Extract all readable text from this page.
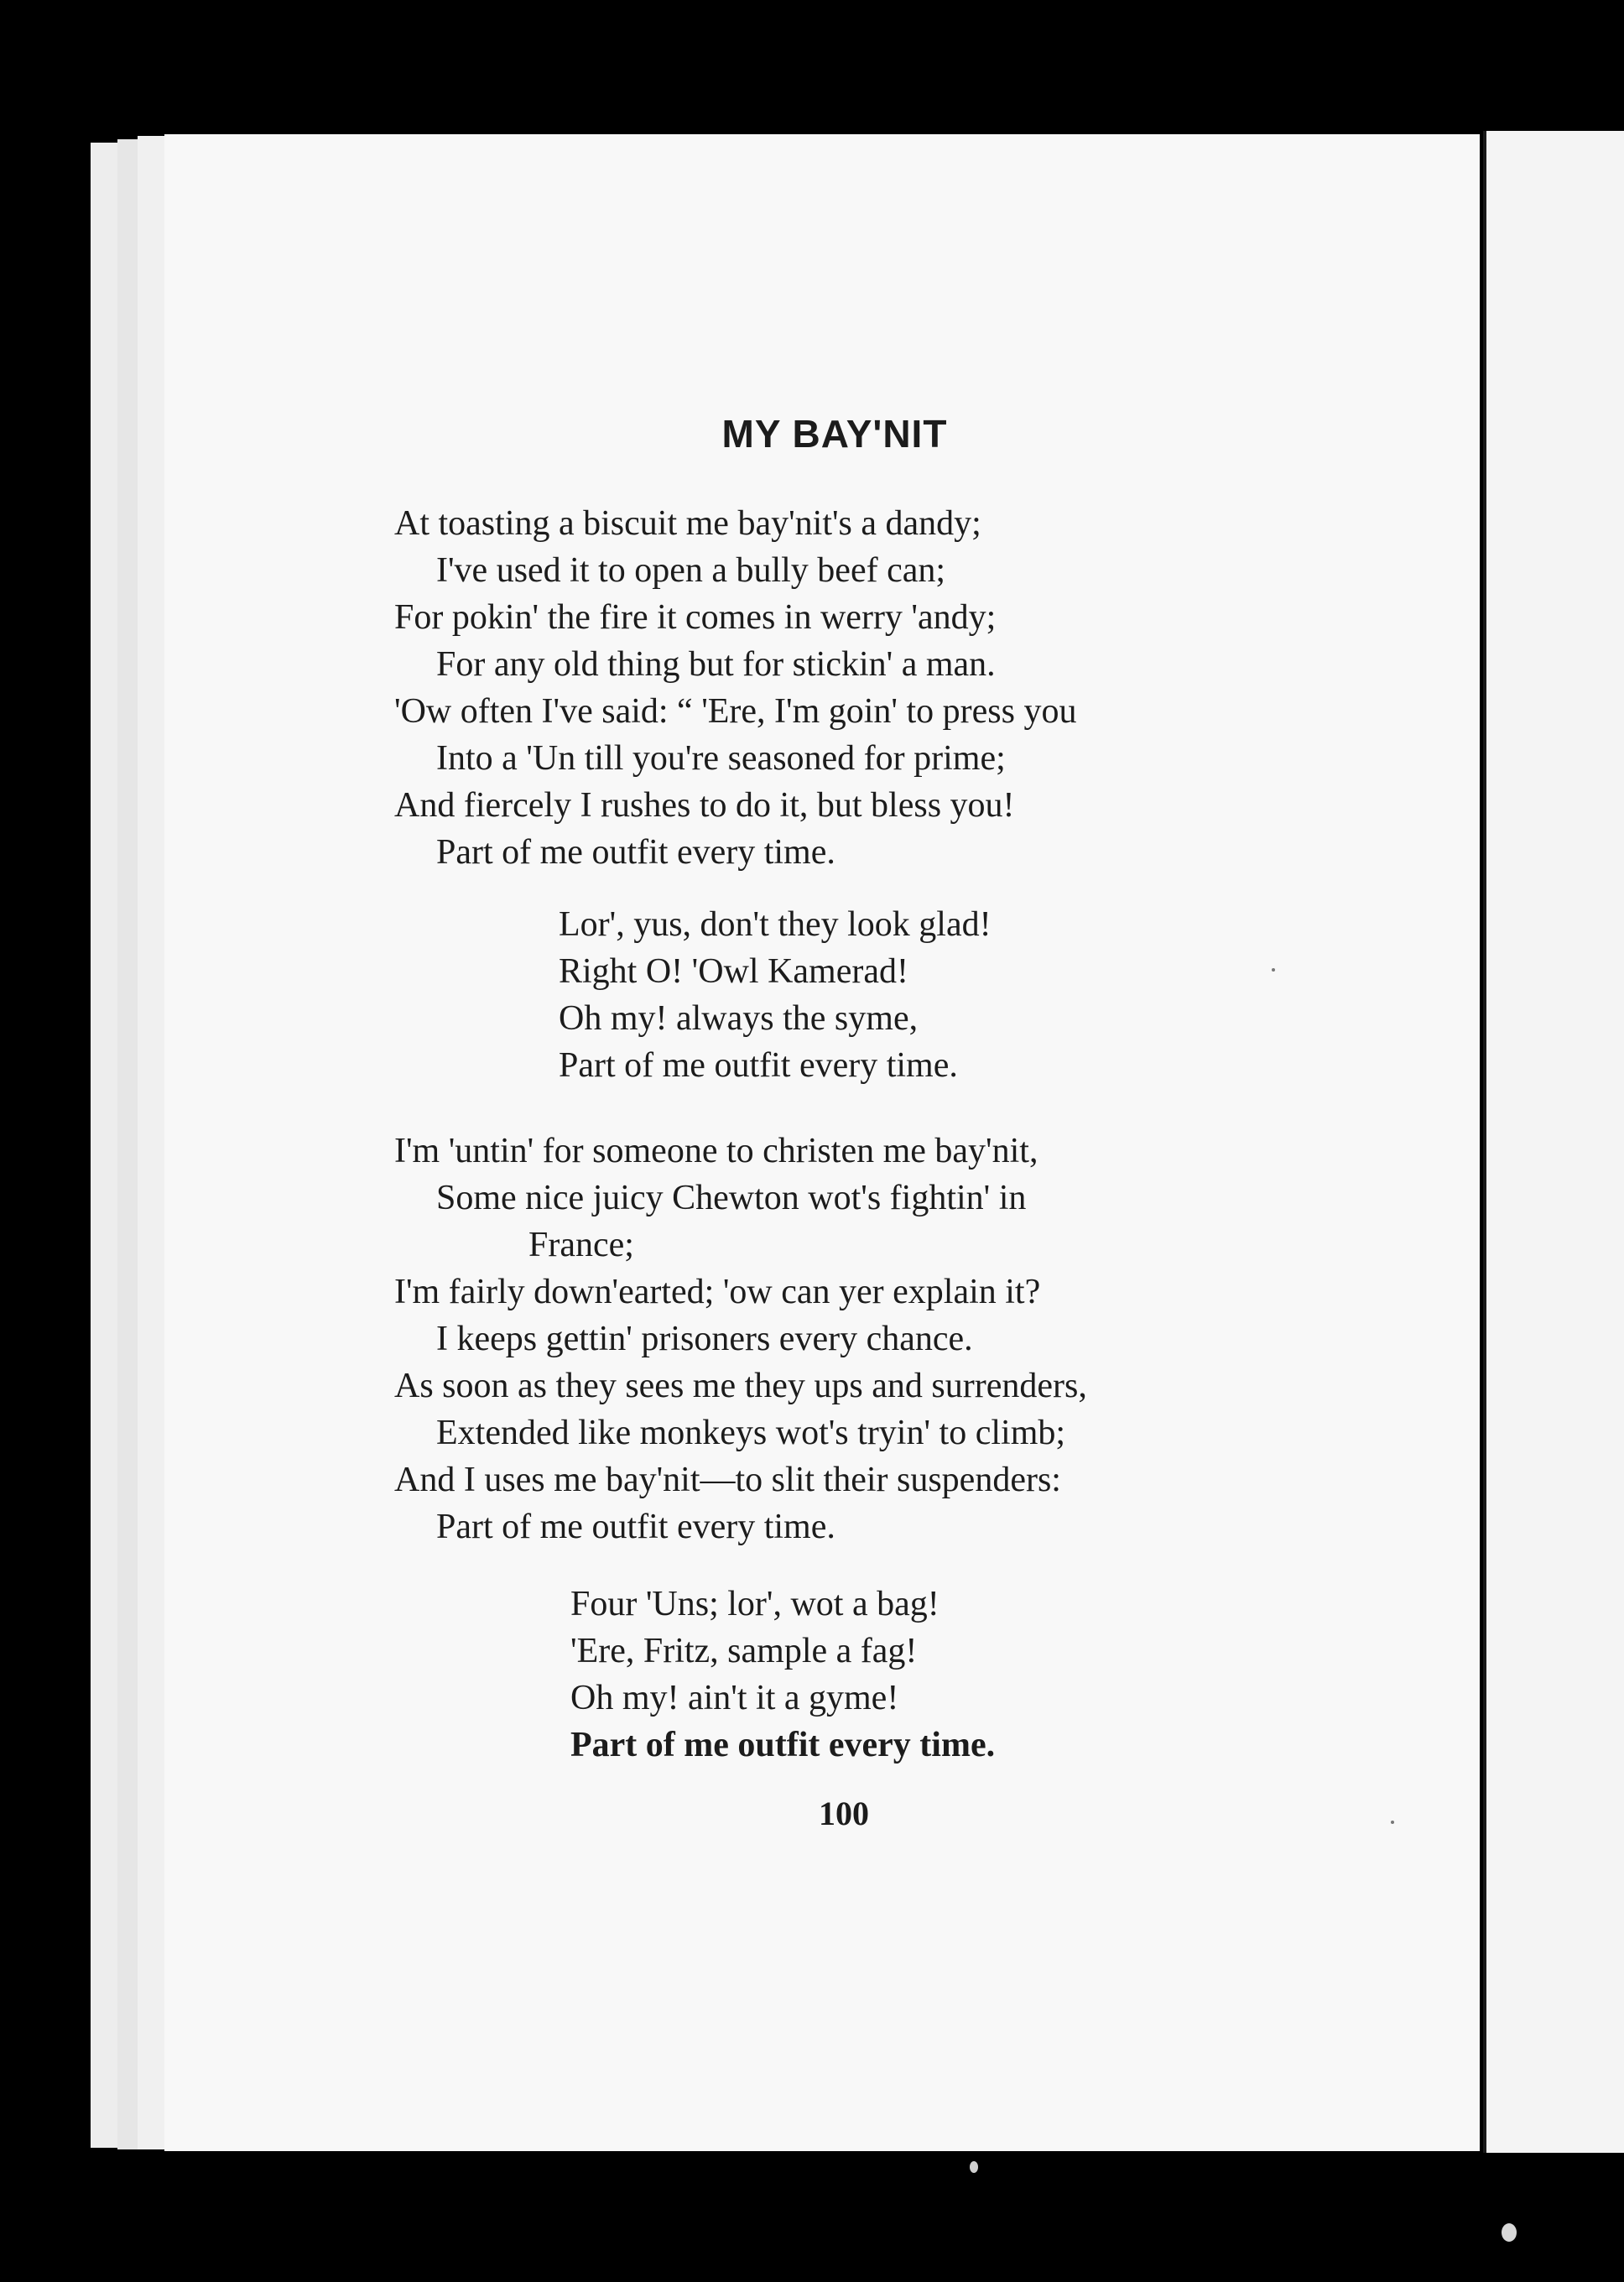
MY BAY'NIT
At toasting a biscuit me bay'nit's a dandy;
I've used it to open a bully beef can;
For pokin' the fire it comes in werry 'andy;
For any old thing but for stickin' a man.
'Ow often I've said: “ 'Ere, I'm goin' to press you
Into a 'Un till you're seasoned for prime;
And fiercely I rushes to do it, but bless you!
Part of me outfit every time.
Lor', yus, don't they look glad!
Right O! 'Owl Kamerad!
Oh my! always the syme,
Part of me outfit every time.
I'm 'untin' for someone to christen me bay'nit,
Some nice juicy Chewton wot's fightin' in
France;
I'm fairly down'earted; 'ow can yer explain it?
I keeps gettin' prisoners every chance.
As soon as they sees me they ups and surrenders,
Extended like monkeys wot's tryin' to climb;
And I uses me bay'nit—to slit their suspenders:
Part of me outfit every time.
Four 'Uns; lor', wot a bag!
'Ere, Fritz, sample a fag!
Oh my! ain't it a gyme!
Part of me outfit every time.
100
